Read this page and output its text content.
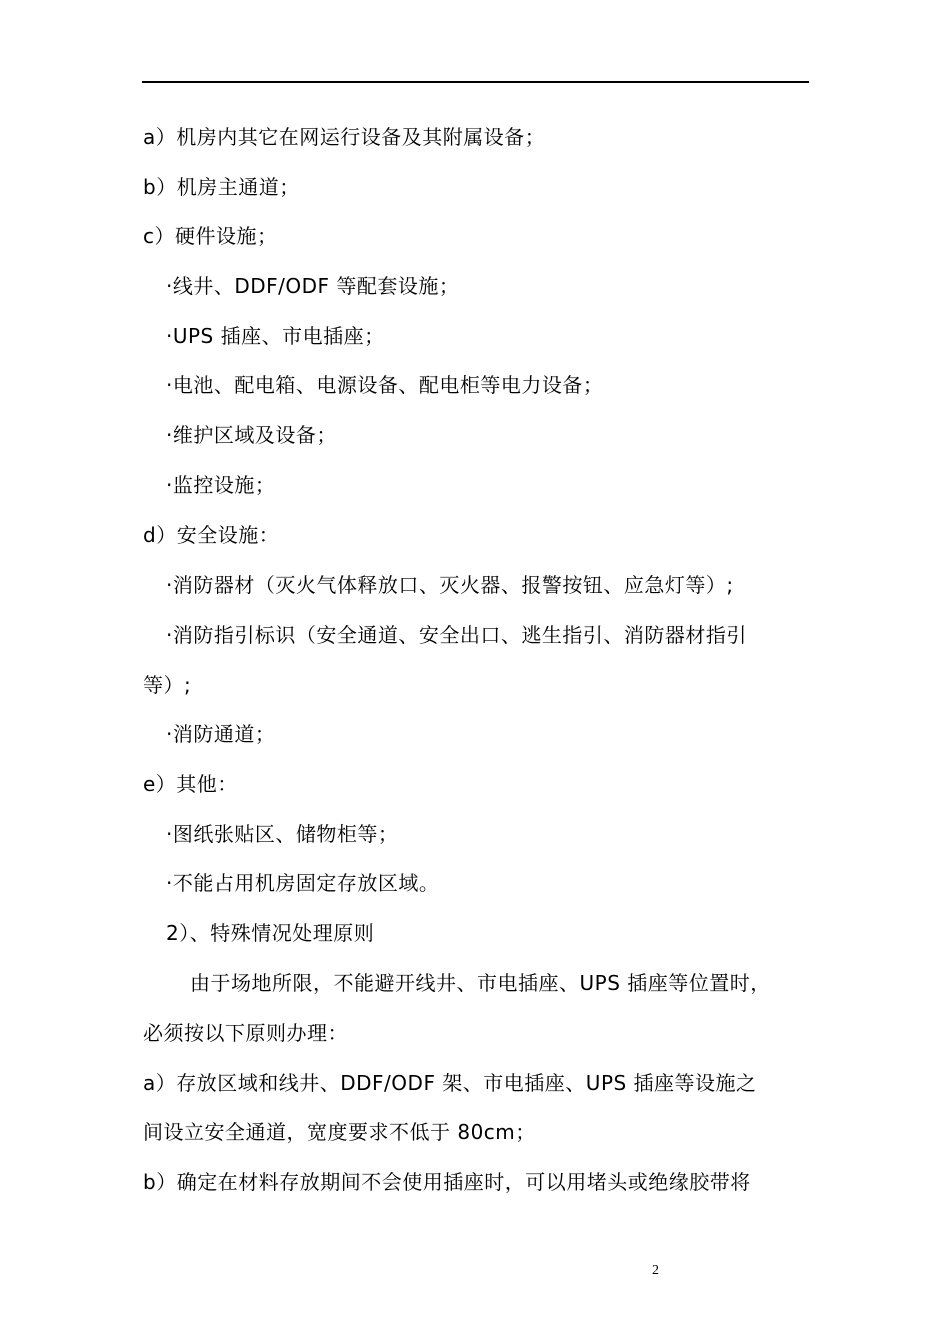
a）机房内其它在网运行设备及其附属设备；
b）机房主通道；
c）硬件设施；
·线井、DDF/ODF 等配套设施；
·UPS 插座、市电插座；
·电池、配电箱、电源设备、配电柜等电力设备；
·维护区域及设备；
·监控设施；
d）安全设施：
·消防器材（灭火气体释放口、灭火器、报警按钮、应急灯等）;
·消防指引标识（安全通道、安全出口、逃生指引、消防器材指引
等）;
·消防通道；
e）其他：
·图纸张贴区、储物柜等；
·不能占用机房固定存放区域。
2）、特殊情况处理原则
由于场地所限，不能避开线井、市电插座、UPS 插座等位置时，
必须按以下原则办理：
a）存放区域和线井、DDF/ODF 架、市电插座、UPS 插座等设施之
间设立安全通道，宽度要求不低于 80cm；
b）确定在材料存放期间不会使用插座时，可以用堵头或绝缘胶带将
2
